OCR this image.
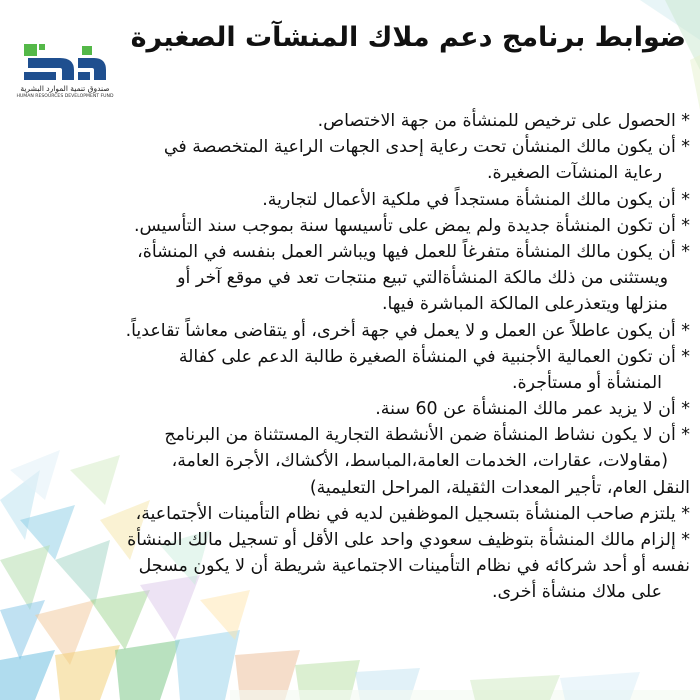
ضوابط برنامج دعم ملاك المنشآت الصغيرة
صندوق تنمية الموارد البشرية
HUMAN RESOURCES DEVELOPMENT FUND
* الحصول على ترخيص للمنشأة من جهة الاختصاص.
* أن يكون مالك المنشأن تحت رعاية إحدى الجهات الراعية المتخصصة في
رعاية المنشآت الصغيرة.
* أن يكون مالك المنشأة مستجداً في ملكية الأعمال لتجارية.
* أن تكون المنشأة جديدة ولم يمض على تأسيسها سنة بموجب سند التأسيس.
* أن يكون مالك المنشأة متفرغاً للعمل فيها ويباشر العمل بنفسه في المنشأة،
ويستثنى من ذلك مالكة المنشأةالتي تبيع منتجات تعد في موقع آخر أو
منزلها ويتعذرعلى المالكة المباشرة فيها.
* أن يكون عاطلاً عن العمل و لا يعمل في جهة أخرى، أو يتقاضى معاشاً تقاعدياً.
* أن تكون العمالية الأجنبية في المنشأة الصغيرة طالبة الدعم على كفالة
المنشأة أو مستأجرة.
* أن لا يزيد عمر مالك المنشأة عن 60 سنة.
* أن لا يكون نشاط المنشأة ضمن الأنشطة التجارية المستثناة من البرنامج
(مقاولات، عقارات، الخدمات العامة،المباسط، الأكشاك، الأجرة العامة،
النقل العام، تأجير المعدات الثقيلة، المراحل التعليمية)
* يلتزم صاحب المنشأة بتسجيل الموظفين لديه في نظام التأمينات الأجتماعية،
* إلزام مالك المنشأة بتوظيف سعودي واحد على الأقل أو تسجيل مالك المنشأة
نفسه أو أحد شركائه في نظام التأمينات الاجتماعية شريطة أن لا يكون مسجل
على ملاك منشأة أخرى.
